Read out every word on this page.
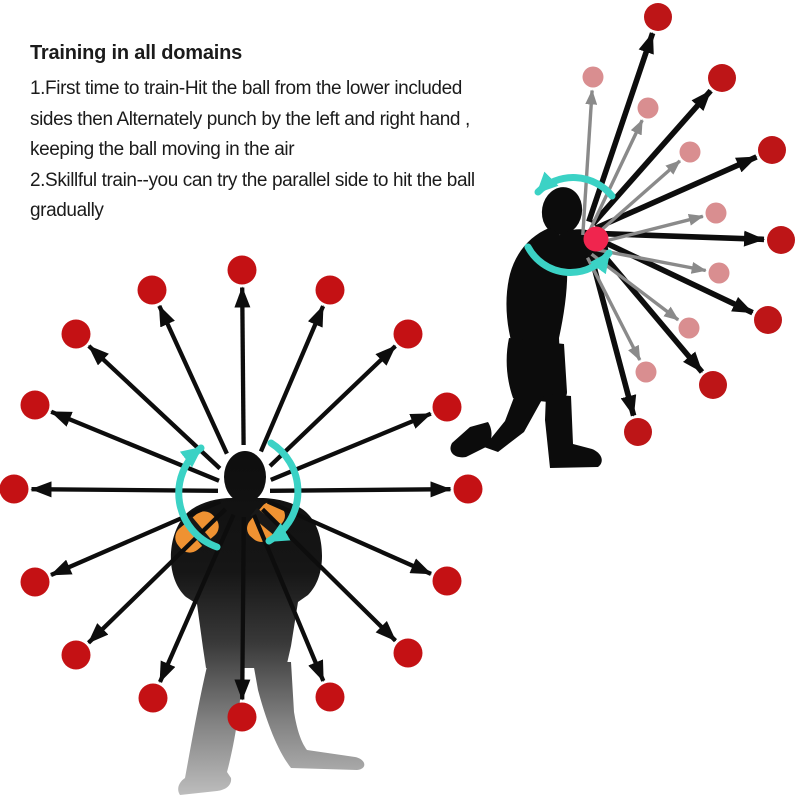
Training in all domains
1.First time to train-Hit the ball from the lower included
sides then Alternately punch by the left and right hand ,
keeping the ball moving in the air
2.Skillful train--you can try the parallel side to hit the ball
gradually
